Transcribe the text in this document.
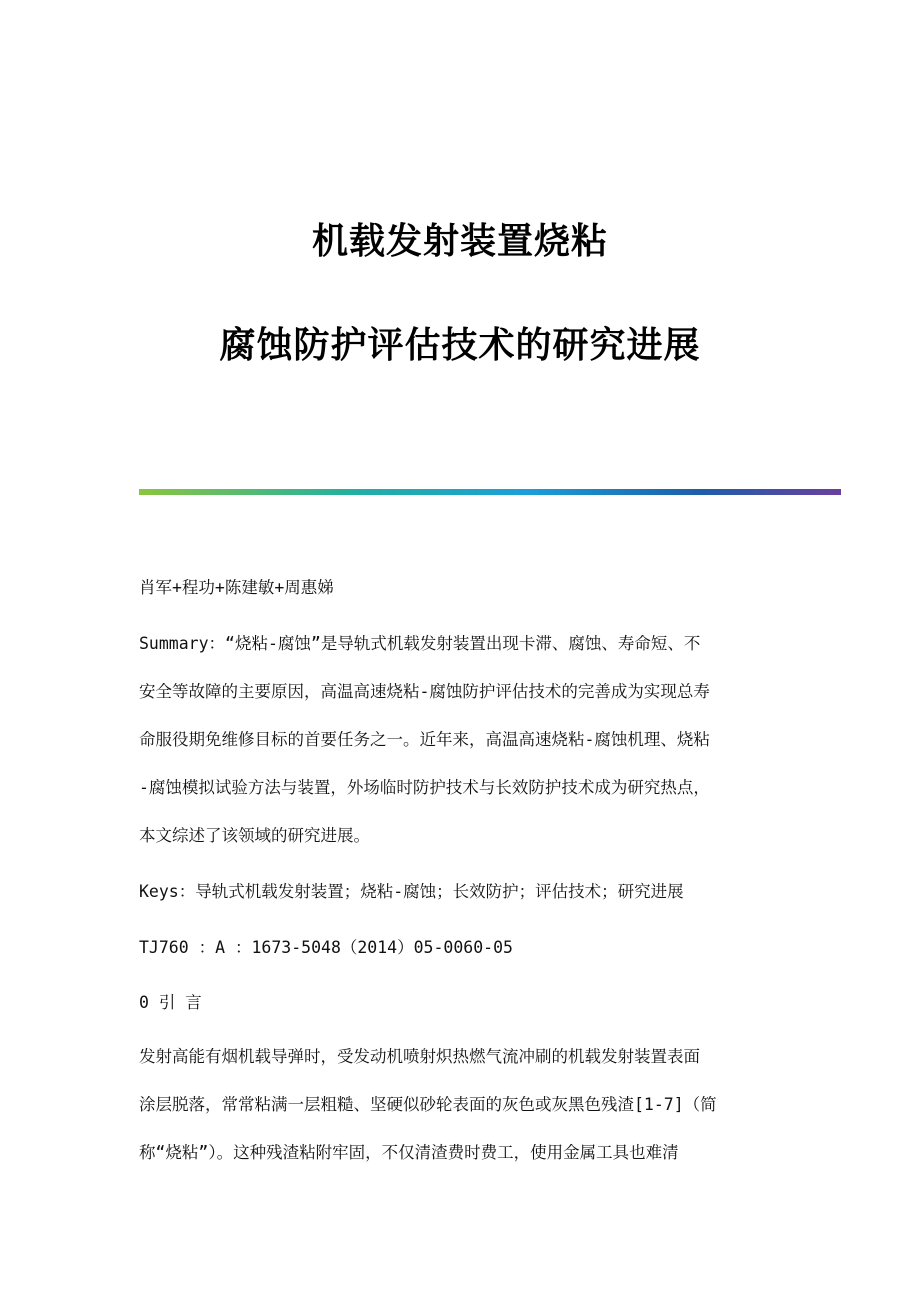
机载发射装置烧粘
腐蚀防护评估技术的研究进展
肖军+程功+陈建敏+周惠娣
Summary：“烧粘-腐蚀”是导轨式机载发射装置出现卡滞、腐蚀、寿命短、不
安全等故障的主要原因，高温高速烧粘-腐蚀防护评估技术的完善成为实现总寿
命服役期免维修目标的首要任务之一。近年来，高温高速烧粘-腐蚀机理、烧粘
-腐蚀模拟试验方法与装置，外场临时防护技术与长效防护技术成为研究热点，
本文综述了该领域的研究进展。
Keys：导轨式机载发射装置；烧粘-腐蚀；长效防护；评估技术；研究进展
TJ760 ：A ：1673-5048（2014）05-0060-05
0 引 言
发射高能有烟机载导弹时，受发动机喷射炽热燃气流冲刷的机载发射装置表面
涂层脱落，常常粘满一层粗糙、坚硬似砂轮表面的灰色或灰黑色残渣[1-7]（简
称“烧粘”）。这种残渣粘附牢固，不仅清渣费时费工，使用金属工具也难清
